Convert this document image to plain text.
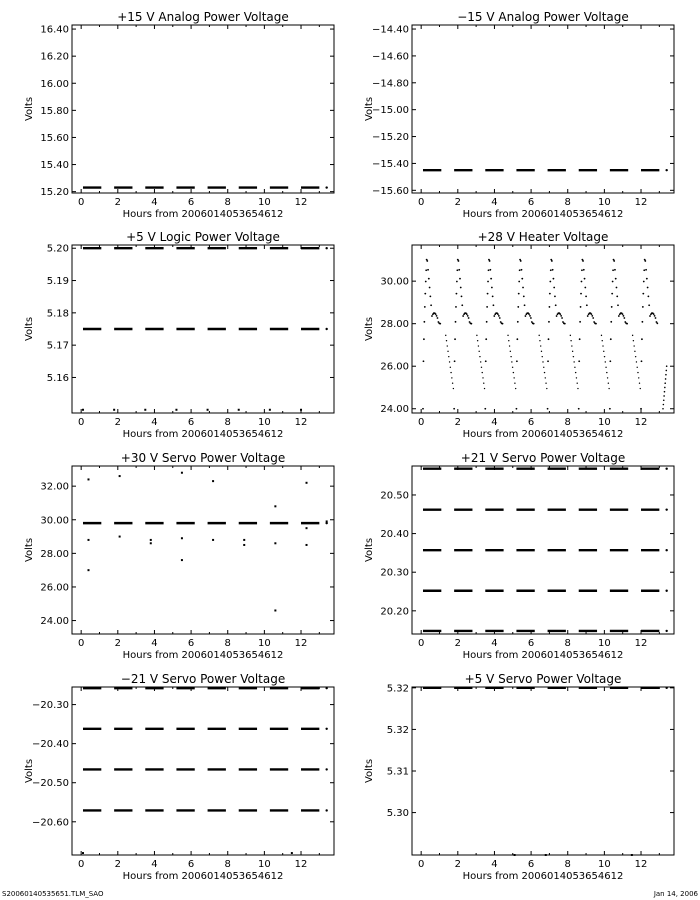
+15 V Analog Power Voltage
0	2	4	6	8	10 12
15.20
15.40
15.60
15.80
16.00
16.20
16.40
Hours from 2006014053654612
Volts
−15 V Analog Power Voltage
0	2	4	6	8	10 12
−15.60
−15.40
−15.20
−15.00
−14.80
−14.60
−14.40
Hours from 2006014053654612
Volts
+5 V Logic Power Voltage
0	2	4	6	8	10 12
5.16
5.17
5.18
5.19
5.20
Hours from 2006014053654612
Volts
+28 V Heater Voltage
0	2	4	6	8	10 12
24.00
26.00
28.00
30.00
Hours from 2006014053654612
Volts
+30 V Servo Power Voltage
0	2	4	6	8	10 12
24.00
26.00
28.00
30.00
32.00
Hours from 2006014053654612
Volts
+21 V Servo Power Voltage
0	2	4	6	8	10 12
20.20
20.30
20.40
20.50
Hours from 2006014053654612
Volts
−21 V Servo Power Voltage
0	2	4	6	8	10 12
−20.60
−20.50
−20.40
−20.30
Hours from 2006014053654612
Volts
+5 V Servo Power Voltage
0	2	4	6	8	10 12
5.30
5.31
5.32
5.32
Hours from 2006014053654612
Volts
S20060140535651.TLM_SAO	Jan 14, 2006
